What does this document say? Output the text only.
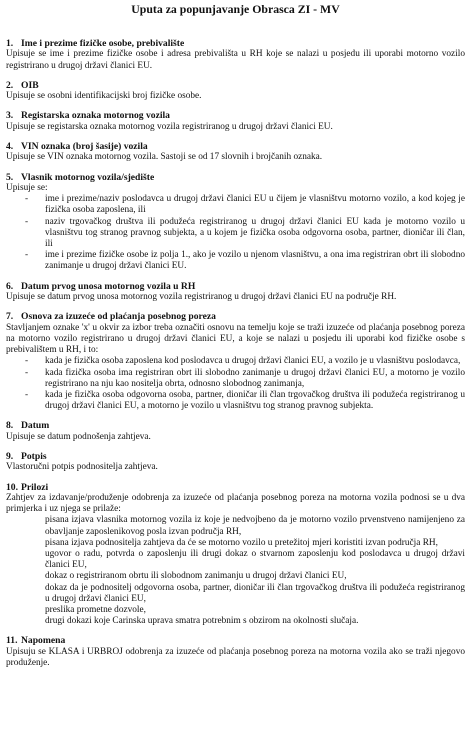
Uputa za popunjavanje Obrasca ZI - MV

1. Ime i prezime fizičke osobe, prebivalište

Upisuje se ime i prezime fizičke osobe i adresa prebivališta u RH koje se nalazi u posjedu ili uporabi motorno vozilo registrirano u drugoj državi članici EU.

2. OIB

Upisuje se osobni identifikacijski broj fizičke osobe.

3. Registarska oznaka motornog vozila

Upisuje se registarska oznaka motornog vozila registriranog u drugoj državi članici EU.

4. VIN oznaka (broj šasije) vozila

Upisuje se VIN oznaka motornog vozila. Sastoji se od 17 slovnih i brojčanih oznaka.

5. Vlasnik motornog vozila/sjedište

Upisuje se:

- ime i prezime/naziv poslodavca u drugoj državi članici EU u čijem je vlasništvu motorno vozilo, a kod kojeg je fizička osoba zaposlena, ili
- naziv trgovačkog društva ili podužeća registriranog u drugoj državi članici EU kada je motorno vozilo u vlasništvu tog stranog pravnog subjekta, a u kojem je fizička osoba odgovorna osoba, partner, dioničar ili član, ili
- ime i prezime fizičke osobe iz polja 1., ako je vozilo u njenom vlasništvu, a ona ima registriran obrt ili slobodno zanimanje u drugoj državi članici EU.

6. Datum prvog unosa motornog vozila u RH

Upisuje se datum prvog unosa motornog vozila registriranog u drugoj državi članici EU na područje RH.

7. Osnova za izuzeće od plaćanja posebnog poreza

Stavljanjem oznake 'x' u okvir za izbor treba označiti osnovu na temelju koje se traži izuzeće od plaćanja posebnog poreza na motorno vozilo registrirano u drugoj državi članici EU, a koje se nalazi u posjedu ili uporabi kod fizičke osobe s prebivalištem u RH, i to:

- kada je fizička osoba zaposlena kod poslodavca u drugoj državi članici EU, a vozilo je u vlasništvu poslodavca,
- kada fizička osoba ima registriran obrt ili slobodno zanimanje u drugoj državi članici EU, a motorno je vozilo registrirano na nju kao nositelja obrta, odnosno slobodnog zanimanja,
- kada je fizička osoba odgovorna osoba, partner, dioničar ili član trgovačkog društva ili podužeća registriranog u drugoj državi članici EU, a motorno je vozilo u vlasništvu tog stranog pravnog subjekta.

8. Datum

Upisuje se datum podnošenja zahtjeva.

9. Potpis

Vlastoručni potpis podnositelja zahtjeva.

10. Prilozi

Zahtjev za izdavanje/produženje odobrenja za izuzeće od plaćanja posebnog poreza na motorna vozila podnosi se u dva primjerka i uz njega se prilaže:

pisana izjava vlasnika motornog vozila iz koje je nedvojbeno da je motorno vozilo prvenstveno namijenjeno za obavljanje zaposlenikovog posla izvan područja RH,
pisana izjava podnositelja zahtjeva da će se motorno vozilo u pretežitoj mjeri koristiti izvan područja RH,
ugovor o radu, potvrda o zaposlenju ili drugi dokaz o stvarnom zaposlenju kod poslodavca u drugoj državi članici EU,
dokaz o registriranom obrtu ili slobodnom zanimanju u drugoj državi članici EU,
dokaz da je podnositelj odgovorna osoba, partner, dioničar ili član trgovačkog društva ili podužeća registriranog u drugoj državi članici EU,
preslika prometne dozvole,
drugi dokazi koje Carinska uprava smatra potrebnim s obzirom na okolnosti slučaja.

11. Napomena

Upisuju se KLASA i URBROJ odobrenja za izuzeće od plaćanja posebnog poreza na motorna vozila ako se traži njegovo produženje.
